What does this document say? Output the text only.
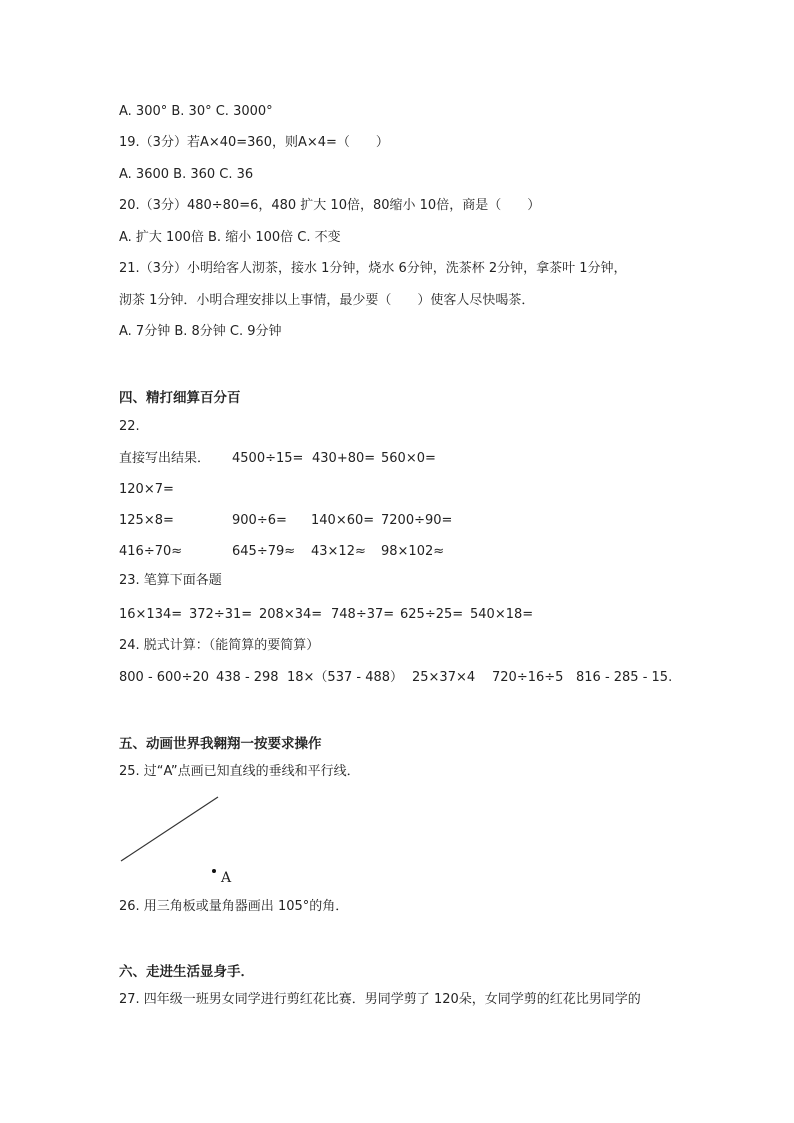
A. 300° B. 30° C. 3000°
19.（3分）若A×40=360，则A×4=（　　）
A. 3600 B. 360 C. 36
20.（3分）480÷80=6，480 扩大 10倍，80缩小 10倍，商是（　　）
A. 扩大 100倍 B. 缩小 100倍 C. 不变
21.（3分）小明给客人沏茶，接水 1分钟，烧水 6分钟，洗茶杯 2分钟，拿茶叶 1分钟，
沏茶 1分钟．小明合理安排以上事情，最少要（　　）使客人尽快喝茶．
A. 7分钟 B. 8分钟 C. 9分钟
四、精打细算百分百
22.
直接写出结果． 4500÷15= 430+80= 560×0=
120×7=
125×8=	900÷6= 140×60= 7200÷90=
416÷70≈	645÷79≈ 43×12≈ 98×102≈
23. 笔算下面各题
16×134= 372÷31= 208×34= 748÷37= 625÷25= 540×18=
24. 脱式计算：（能简算的要简算）
800 - 600÷20 438 - 298 18×（537 - 488） 25×37×4 720÷16÷5 816 - 285 - 15.
五、动画世界我翱翔一按要求操作
25. 过“A”点画已知直线的垂线和平行线．
A
26. 用三角板或量角器画出 105°的角．
六、走进生活显身手．
27. 四年级一班男女同学进行剪红花比赛．男同学剪了 120朵，女同学剪的红花比男同学的
